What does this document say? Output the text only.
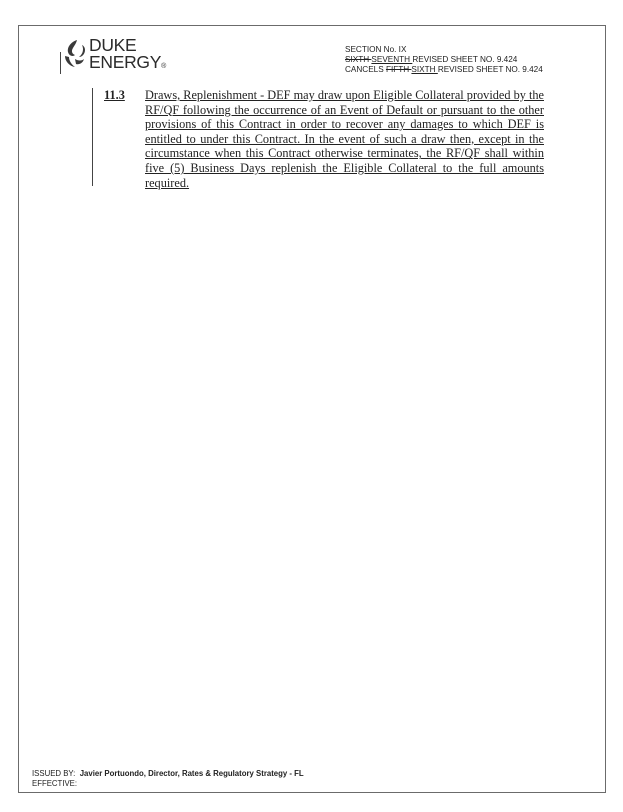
DUKE
ENERGY®
SECTION No. IX
SIXTH SEVENTH REVISED SHEET NO. 9.424
CANCELS FIFTH SIXTH REVISED SHEET NO. 9.424
11.3 Draws, Replenishment - DEF may draw upon Eligible Collateral provided by the RF/QF following the occurrence of an Event of Default or pursuant to the other provisions of this Contract in order to recover any damages to which DEF is entitled to under this Contract. In the event of such a draw then, except in the circumstance when this Contract otherwise terminates, the RF/QF shall within five (5) Business Days replenish the Eligible Collateral to the full amounts required.
ISSUED BY: Javier Portuondo, Director, Rates & Regulatory Strategy - FL
EFFECTIVE:
